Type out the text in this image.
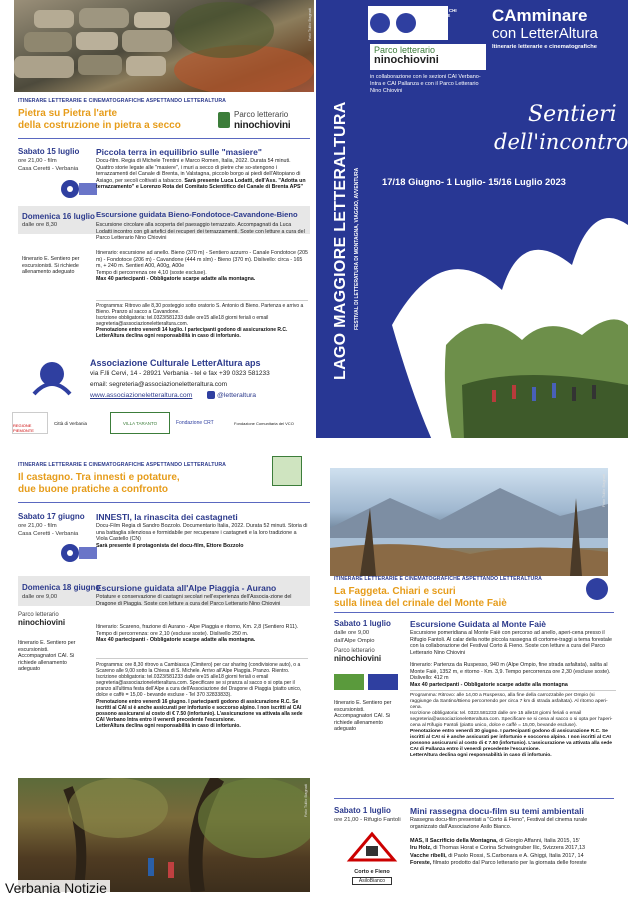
Foto Tullio Bagnati
ITINERARE LETTERARIE E CINEMATOGRAFICHE ASPETTANDO LETTERALTURA
Pietra su Pietra l'arte
della costruzione in pietra a secco
Parco letterario
ninochiovini
Sabato 15 luglio
ore 21,00 - film
Casa Ceretti - Verbania
Piccola terra in equilibrio sulle "masiere"
Docu-film. Regia di Michele Trentini e Marco Romen, Italia, 2022. Durata 54 minuti. Quattro storie legate alle "masiere", i muri a secco di pietre che so-stengono i terrazzamenti del Canale di Brenta, in Valstagna, piccolo borgo ai piedi dell'Altopiano di Asiago, per secoli coltivati a tabacco. Sarà presente Luca Lodatti, dell'Ass. "Adotta un terrazzamento" e Lorenzo Rota del Comitato Scientifico del Canale di Brenta APS"
Domenica 16 luglio
dalle ore 8,30
Escursione guidata Bieno-Fondotoce-Cavandone-Bieno
Escursione circolare alla scoperta del paesaggio terrazzato. Accompagnati da Luca Lodatti incontro con gli artefici dei recuperi dei terrazzamenti. Soste con letture a cura del Parco Letterario Nino Chiovini
Itinerario E. Sentiero per escursionisti. Si richiede allenamento adeguato
Itinerario: escursione ad anello. Bieno (370 m) - Sentiero azzurro - Canale Fondotoce (205 m) - Fondotoce (206 m) - Cavandone (444 m slm) - Bieno (370 m). Dislivello: circa - 165 m, + 240 m. Sentieri A00, A00g, A00e
Tempo di percorrenza ore 4,10 (soste escluse).
Max 40 partecipanti - Obbligatorie scarpe adatte alla montagna.
Programma: Ritrovo alle 8,30 posteggio sotto oratorio S. Antonio di Bieno. Partenza e arrivo a Bieno. Pranzo al sacco a Cavandone.
Iscrizione obbligatoria: tel.0323/581233 dalle ore15 alle18 giorni feriali o email segreteria@associazioneletteraltura.com.
Prenotazione entro venerdì 14 luglio. I partecipanti godono di assicurazione R.C. LetterAltura declina ogni responsabilità in caso di infortunio.
Associazione Culturale LetterAltura aps
via F.lli Cervi, 14 - 28921 Verbania - tel e fax +39 0323 581233
email: segreteria@associazioneletteraltura.com
www.associazioneletteraltura.com	@letteraltura
REGIONE PIEMONTE
Città di Verbania	VILLA TARANTO	Fondazione CRT	Fondazione Comunitaria del VCO
LAGO MAGGIORE LETTERALTURA FESTIVAL DI LETTERATURA DI MONTAGNA, VIAGGIO, AVVENTURA
I PAR CHI LETTE RARI
Parco letterario
ninochiovini
in collaborazione con le sezioni CAI Verbano-Intra e CAI Pallanza e con il Parco Letterario Nino Chiovini
CAmminare
con LetterAltura
Itinerarie letterarie e cinematografiche
Sentieri
dell'incontro
17/18 Giugno- 1 Luglio- 15/16 Luglio 2023
ITINERARE LETTERARIE E CINEMATOGRAFICHE ASPETTANDO LETTERALTURA
Il castagno. Tra innesti e potature,
due buone pratiche a confronto
Sabato 17 giugno
ore 21,00 - film
Casa Ceretti - Verbania
INNESTI, la rinascita dei castagneti
Docu-Film Regia di Sandro Bozzolo. Documentario Italia, 2022. Durata 52 minuti. Storia di una battaglia silenziosa e formidabile per recuperare i castagneti e la loro tradizione a Viola Castello (CN)
Sarà presente il protagonista del docu-film, Ettore Bozzolo
Domenica 18 giugno
dalle ore 9,00
Escursione guidata all'Alpe Piaggia - Aurano
Potature e conservazione di castagni secolari nell'esperienza dell'Associa-zione del Dragone di Piaggia. Soste con letture a cura del Parco Letterario Nino Chiovini
Parco letterario
ninochiovini
Itinerario E. Sentiero per escursionisti. Accompagnatori CAI. Si richiede allenamento adeguato
Itinerario: Scareno, frazione di Aurano - Alpe Piaggia e ritorno, Km. 2,8 (Sentiero R11). Tempo di percorrenza: ore 2,10 (escluse soste). Dislivello 250 m.
Max 40 partecipanti - Obbligatorie scarpe adatte alla montagna.
Programma: ore 8,30 ritrovo a Cambiasca (Cimitero) per car sharing (condivisione auto), o a Scareno alle 9,00 sotto la Chiesa di S. Michele. Arrivo all'Alpe Piaggia. Pranzo. Rientro.
Iscrizione obbligatoria: tel.0323/581233 dalle ore15 alle18 giorni feriali o email segreteria@associazioneletteraltura.com. Specificare se si pranza al sacco o si opta per il pranzo all'ultima festa dell'Alpe a cura dell'Associazione del Dragone di Piaggia (piatto unico, dolce e caffè = 15,00 - bevande escluse - Tel 370 32833833).
Prenotazione entro venerdì 16 giugno. I partecipanti godono di assicurazione R.C. Se iscritti al CAI si è anche assicurati per infortunio e soccorso alpino. I non iscritti al CAI possono assicurarsi al costo di € 7.50 (infortunio). L'assicurazione va attivata alla sede CAI Verbano Intra entro il venerdì precedente l'escursione.
LetterAltura declina ogni responsabilità in caso di infortunio.
Foto Tullio Bagnati
Foto Tullio Bagnati
ITINERARE LETTERARIE E CINEMATOGRAFICHE ASPETTANDO LETTERALTURA
La Faggeta. Chiari e scuri
sulla linea del crinale del Monte Faiè
Sabato 1 luglio
dalle ore 9,00
dall'Alpe Ompio
Parco letterario
ninochiovini
Itinerario E. Sentiero per escursionisti. Accompagnatori CAI. Si richiede allenamento adeguato
Escursione Guidata al Monte Faiè
Escursione pomeridiana al Monte Faiè con percorso ad anello, aperi-cena presso il Rifugio Fantoli. Al calar della notte piccola rassegna di cortome-traggi a tema forestale con la collaborazione del Festival Corto & Fieno. Soste con letture a cura del Parco Letterario Nino Chiovini
Itinerario: Partenza da Ruspesso, 940 m (Alpe Ompio, fine strada asfaltata), salita al Monte Faiè, 1352 m, e ritorno - Km. 3,9. Tempo percorrenza ore 2,30 (escluse soste). Dislivello: 412 m
Max 40 partecipanti - Obbligatorie scarpe adatte alla montagna
Programma: Ritrovo: alle 14,00 a Ruspesso, alla fine della carrozzabile per Ompio (si raggiunge da Santino/Bieno percorrendo per circa 7 km di strada asfaltata). Al ritorno aperi-cena.
Iscrizione obbligatoria: tel. 0323.581233 dalle ore 15 alle18 giorni feriali o email segreteria@associazioneletteraltura.com. Specificare se si cena al sacco o si opta per l'aperi-cena al Rifugio Fantoli (piatto unico, dolce e caffè = 15,00, bevande escluse).
Prenotazione entro venerdì 30 giugno. I partecipanti godono di assicurazione R.C. Se iscritti al CAI si è anche assicurati per infortunio e soccorso alpino. I non iscritti al CAI possono assicurarsi al costo di € 7.50 (infortunio). L'assicurazione va attivata alla sede CAI di Pallanza entro il venerdì precedente l'escursione.
LetterAltura declina ogni responsabilità in caso di infortunio.
Sabato 1 luglio
ore 21,00 - Rifugio Fantoli
Corto e Fieno
AsiloBianco
Mini rassegna docu-film su temi ambientali
Rassegna docu-film presentati a "Corto & Fieno", Festival del cinema rurale organizzato dall'Associazione Asilo Bianco.
MAS, Il Sacrificio della Montagna, di Giorgio Affanni, Italia 2015, 15'
Iru Holz, di Thomas Horat e Corina Schwingruber Ilic, Svizzera 2017,13
Vacche ribelli, di Paolo Rossi, S.Carbonara e A. Ghiggi, Italia 2017, 14
Foreste, filmato prodotto dal Parco letterario per la giornata delle foreste
Verbania Notizie
